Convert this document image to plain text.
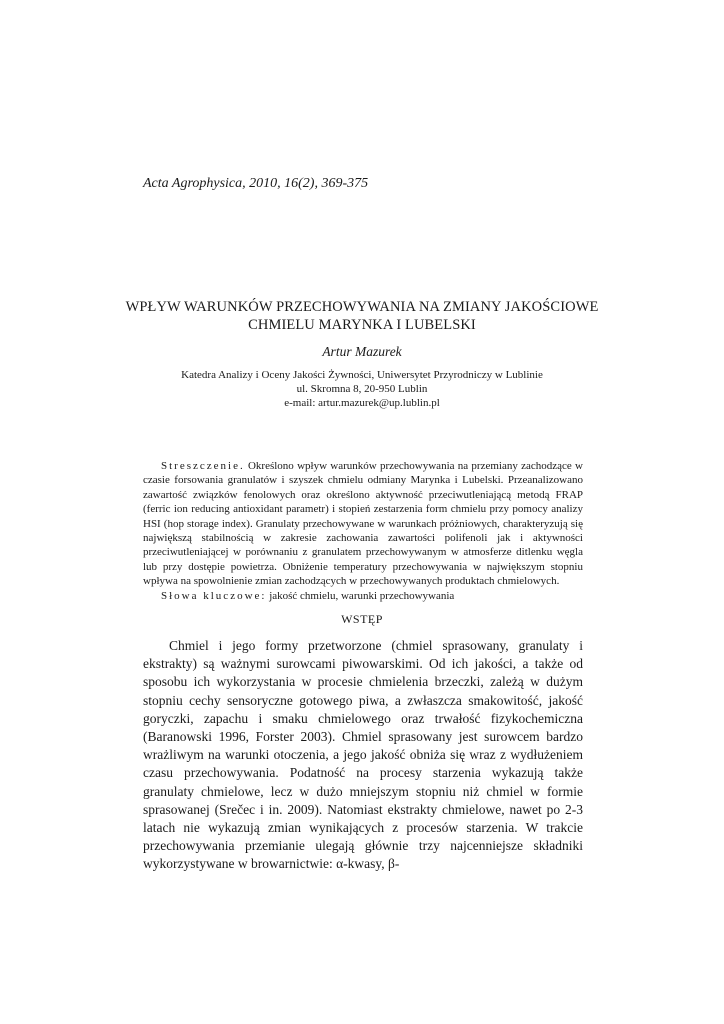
Acta Agrophysica, 2010, 16(2), 369-375
WPŁYW WARUNKÓW PRZECHOWYWANIA NA ZMIANY JAKOŚCIOWE
CHMIELU MARYNKA I LUBELSKI
Artur Mazurek
Katedra Analizy i Oceny Jakości Żywności, Uniwersytet Przyrodniczy w Lublinie
ul. Skromna 8, 20-950 Lublin
e-mail: artur.mazurek@up.lublin.pl

Streszczenie. Określono wpływ warunków przechowywania na przemiany zachodzące w czasie forsowania granulatów i szyszek chmielu odmiany Marynka i Lubelski. Przeanalizowano zawartość związków fenolowych oraz określono aktywność przeciwutleniającą metodą FRAP (ferric ion reducing antioxidant parametr) i stopień zestarzenia form chmielu przy pomocy analizy HSI (hop storage index). Granulaty przechowywane w warunkach próżniowych, charakteryzują się największą stabilnością w zakresie zachowania zawartości polifenoli jak i aktywności przeciwutleniającej w porównaniu z granulatem przechowywanym w atmosferze ditlenku węgla lub przy dostępie powietrza. Obniżenie temperatury przechowywania w największym stopniu wpływa na spowolnienie zmian zachodzących w przechowywanych produktach chmielowych.

Słowa kluczowe: jakość chmielu, warunki przechowywania

WSTĘP

Chmiel i jego formy przetworzone (chmiel sprasowany, granulaty i ekstrakty) są ważnymi surowcami piwowarskimi. Od ich jakości, a także od sposobu ich wykorzystania w procesie chmielenia brzeczki, zależą w dużym stopniu cechy sensoryczne gotowego piwa, a zwłaszcza smakowitość, jakość goryczki, zapachu i smaku chmielowego oraz trwałość fizykochemiczna (Baranowski 1996, Forster 2003). Chmiel sprasowany jest surowcem bardzo wrażliwym na warunki otoczenia, a jego jakość obniża się wraz z wydłużeniem czasu przechowywania. Podatność na procesy starzenia wykazują także granulaty chmielowe, lecz w dużo mniejszym stopniu niż chmiel w formie sprasowanej (Srečec i in. 2009). Natomiast ekstrakty chmielowe, nawet po 2-3 latach nie wykazują zmian wynikających z procesów starzenia. W trakcie przechowywania przemianie ulegają głównie trzy najcenniejsze składniki wykorzystywane w browarnictwie: α-kwasy, β-
